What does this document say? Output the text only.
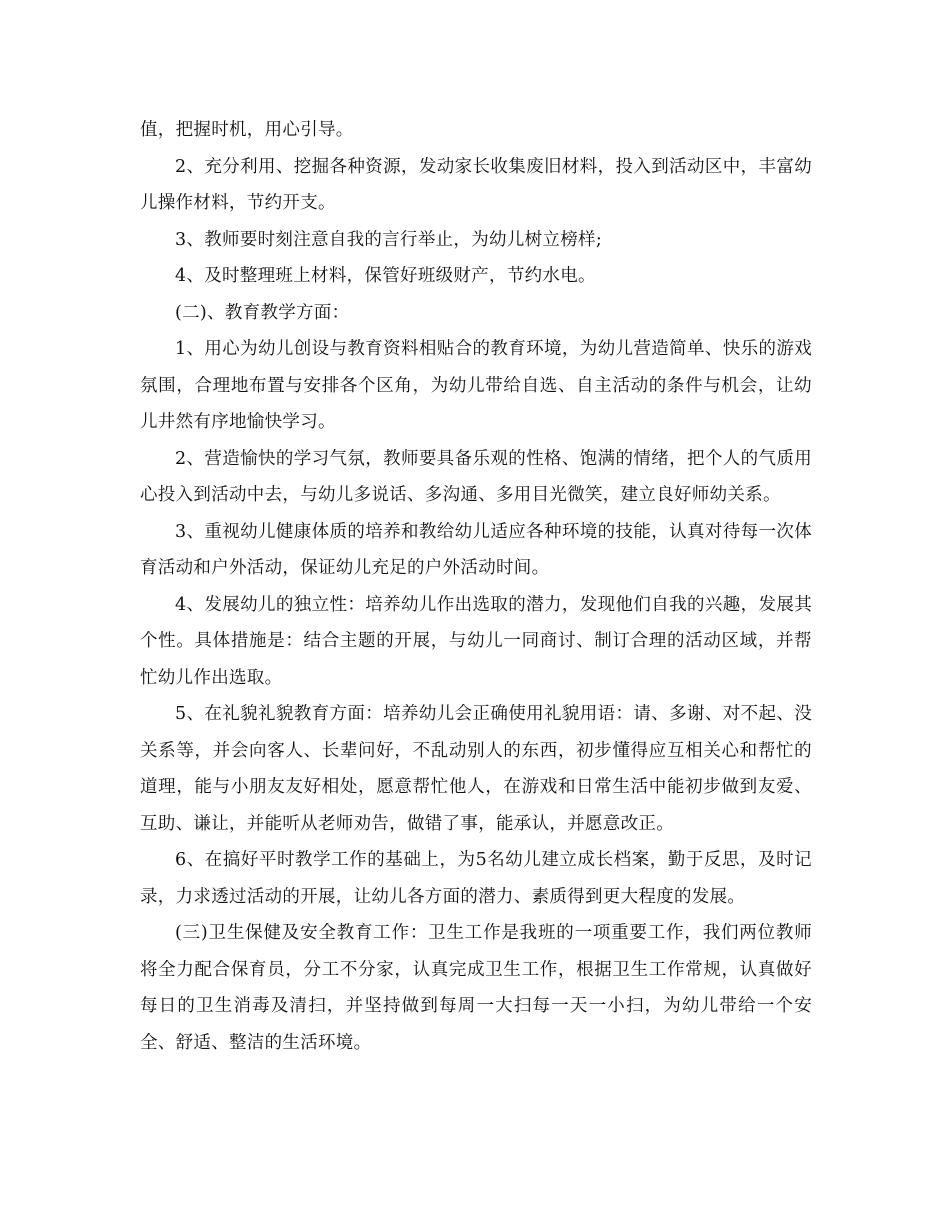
值，把握时机，用心引导。

2、充分利用、挖掘各种资源，发动家长收集废旧材料，投入到活动区中，丰富幼儿操作材料，节约开支。

3、教师要时刻注意自我的言行举止，为幼儿树立榜样;

4、及时整理班上材料，保管好班级财产，节约水电。

(二)、教育教学方面：

1、用心为幼儿创设与教育资料相贴合的教育环境，为幼儿营造简单、快乐的游戏氛围，合理地布置与安排各个区角，为幼儿带给自选、自主活动的条件与机会，让幼儿井然有序地愉快学习。

2、营造愉快的学习气氛，教师要具备乐观的性格、饱满的情绪，把个人的气质用心投入到活动中去，与幼儿多说话、多沟通、多用目光微笑，建立良好师幼关系。

3、重视幼儿健康体质的培养和教给幼儿适应各种环境的技能，认真对待每一次体育活动和户外活动，保证幼儿充足的户外活动时间。

4、发展幼儿的独立性：培养幼儿作出选取的潜力，发现他们自我的兴趣，发展其个性。具体措施是：结合主题的开展，与幼儿一同商讨、制订合理的活动区域，并帮忙幼儿作出选取。

5、在礼貌礼貌教育方面：培养幼儿会正确使用礼貌用语：请、多谢、对不起、没关系等，并会向客人、长辈问好，不乱动别人的东西，初步懂得应互相关心和帮忙的道理，能与小朋友友好相处，愿意帮忙他人，在游戏和日常生活中能初步做到友爱、互助、谦让，并能听从老师劝告，做错了事，能承认，并愿意改正。

6、在搞好平时教学工作的基础上，为5名幼儿建立成长档案，勤于反思，及时记录，力求透过活动的开展，让幼儿各方面的潜力、素质得到更大程度的发展。

(三)卫生保健及安全教育工作：卫生工作是我班的一项重要工作，我们两位教师将全力配合保育员，分工不分家，认真完成卫生工作，根据卫生工作常规，认真做好每日的卫生消毒及清扫，并坚持做到每周一大扫每一天一小扫，为幼儿带给一个安全、舒适、整洁的生活环境。
